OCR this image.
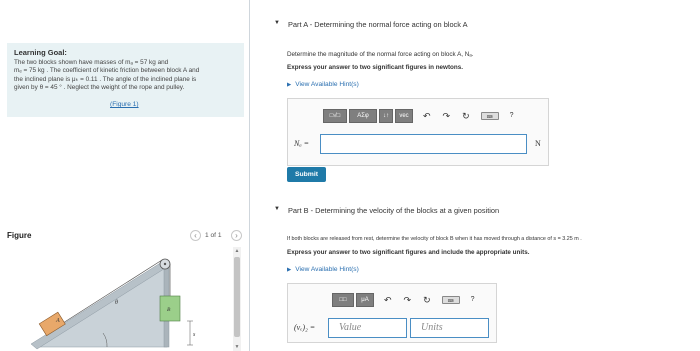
Learning Goal:
The two blocks shown have masses of mₐ = 57 kg and
mₑ = 75 kg . The coefficient of kinetic friction between block A and
the inclined plane is μₖ = 0.11 . The angle of the inclined plane is
given by θ = 45 ° . Neglect the weight of the rope and pulley.
(Figure 1)
Figure	‹	1 of 1	›
A
B
θ
s
▲
▼
▼ Part A - Determining the normal force acting on block A
Determine the magnitude of the normal force acting on block A, Nₐ.
Express your answer to two significant figures in newtons.
▶ View Available Hint(s)
□√□	AΣφ	↓↑	vec	↶ ↷ ↻	⌨	?
Nₐ =	N
Submit
▼ Part B - Determining the velocity of the blocks at a given position
If both blocks are released from rest, determine the velocity of block B when it has moved through a distance of s = 3.25 m .
Express your answer to two significant figures and include the appropriate units.
▶ View Available Hint(s)
□□	μA	↶ ↷ ↻	⌨	?
(vₑ)₂ =	Value	Units
